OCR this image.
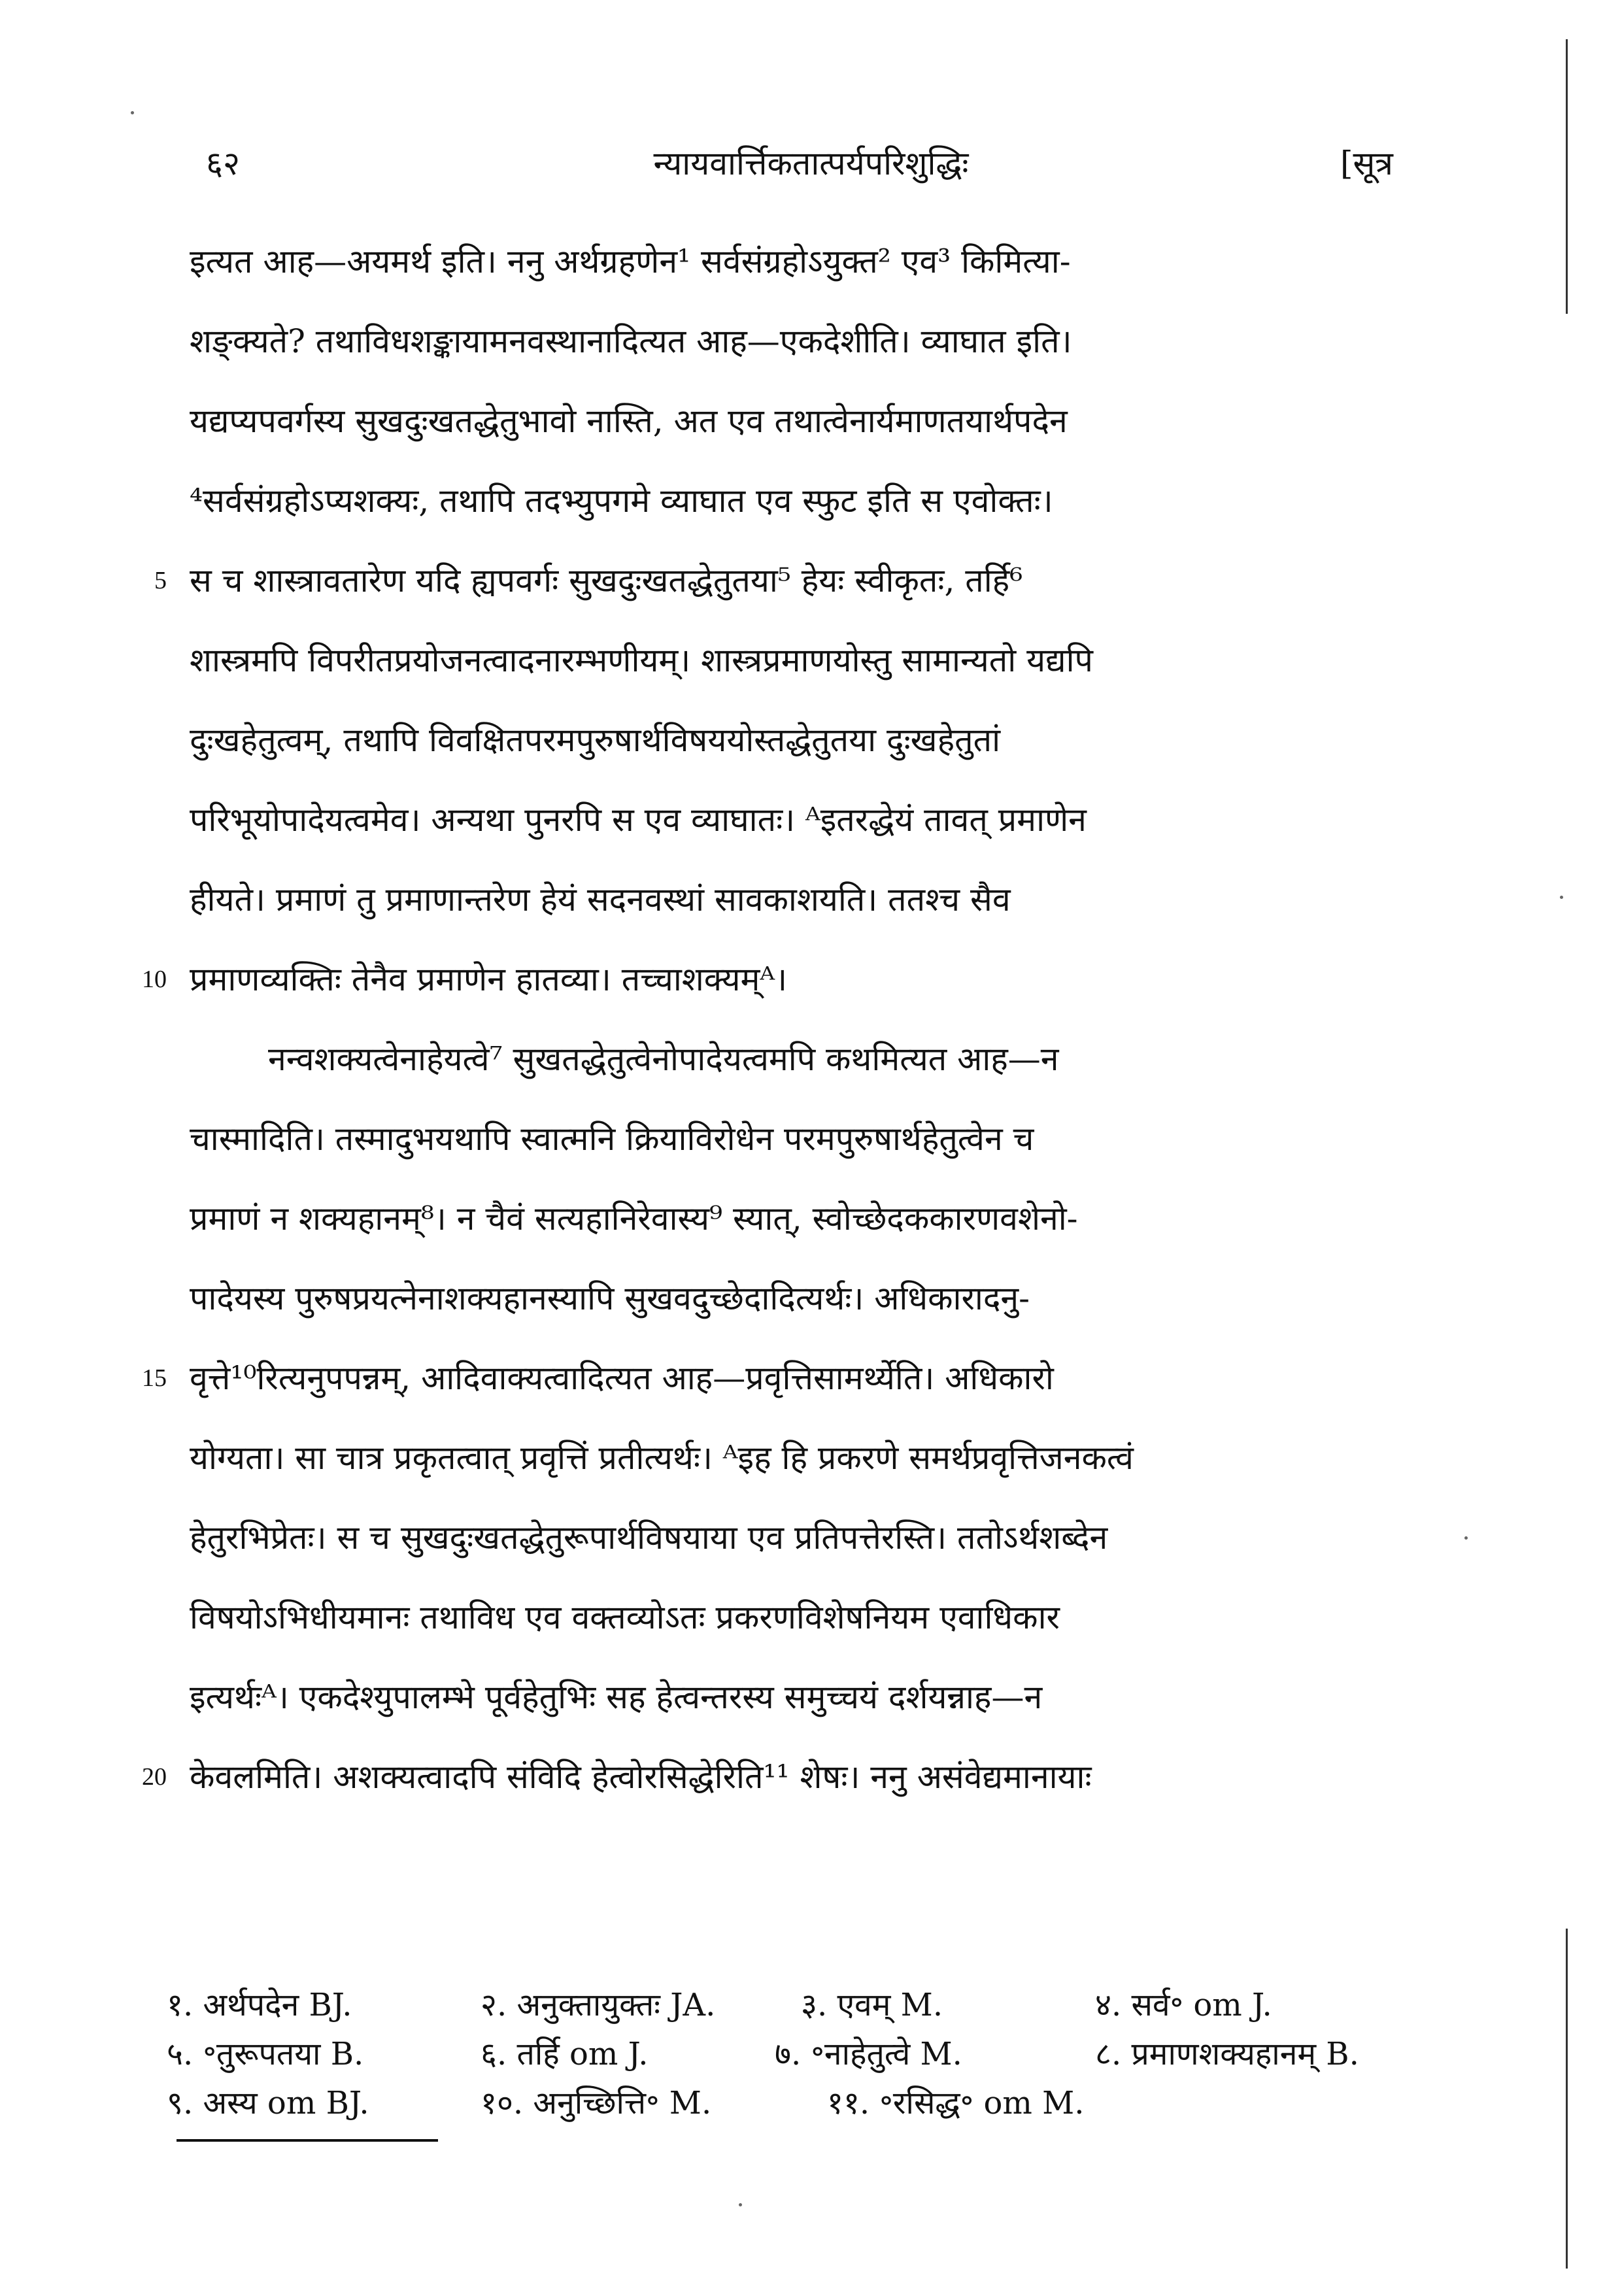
न्यायवार्त्तिकतात्पर्यपरिशुद्धिः
६२	[सूत्र
इत्यत आह—अयमर्थ इति। ननु अर्थग्रहणेन¹ सर्वसंग्रहोऽयुक्त² एव³ किमित्या-
शङ्क्यते? तथाविधशङ्कायामनवस्थानादित्यत आह—एकदेशीति। व्याघात इति।
यद्यप्यपवर्गस्य सुखदुःखतद्धेतुभावो नास्ति, अत एव तथात्वेनार्यमाणतयार्थपदेन
⁴सर्वसंग्रहोऽप्यशक्यः, तथापि तदभ्युपगमे व्याघात एव स्फुट इति स एवोक्तः।
स च शास्त्रावतारेण यदि ह्यपवर्गः सुखदुःखतद्धेतुतया⁵ हेयः स्वीकृतः, तर्हि⁶
शास्त्रमपि विपरीतप्रयोजनत्वादनारम्भणीयम्। शास्त्रप्रमाणयोस्तु सामान्यतो यद्यपि
दुःखहेतुत्वम्, तथापि विवक्षितपरमपुरुषार्थविषययोस्तद्धेतुतया दुःखहेतुतां
परिभूयोपादेयत्वमेव। अन्यथा पुनरपि स एव व्याघातः। ᴬइतरद्धेयं तावत् प्रमाणेन
हीयते। प्रमाणं तु प्रमाणान्तरेण हेयं सदनवस्थां सावकाशयति। ततश्च सैव
प्रमाणव्यक्तिः तेनैव प्रमाणेन हातव्या। तच्चाशक्यम्ᴬ।
नन्वशक्यत्वेनाहेयत्वे⁷ सुखतद्धेतुत्वेनोपादेयत्वमपि कथमित्यत आह—न
चास्मादिति। तस्मादुभयथापि स्वात्मनि क्रियाविरोधेन परमपुरुषार्थहेतुत्वेन च
प्रमाणं न शक्यहानम्⁸। न चैवं सत्यहानिरेवास्य⁹ स्यात्, स्वोच्छेदककारणवशेनो-
पादेयस्य पुरुषप्रयत्नेनाशक्यहानस्यापि सुखवदुच्छेदादित्यर्थः। अधिकारादनु-
वृत्ते¹⁰रित्यनुपपन्नम्, आदिवाक्यत्वादित्यत आह—प्रवृत्तिसामर्थ्येति। अधिकारो
योग्यता। सा चात्र प्रकृतत्वात् प्रवृत्तिं प्रतीत्यर्थः। ᴬइह हि प्रकरणे समर्थप्रवृत्तिजनकत्वं
हेतुरभिप्रेतः। स च सुखदुःखतद्धेतुरूपार्थविषयाया एव प्रतिपत्तेरस्ति। ततोऽर्थशब्देन
विषयोऽभिधीयमानः तथाविध एव वक्तव्योऽतः प्रकरणविशेषनियम एवाधिकार
इत्यर्थःᴬ। एकदेश्युपालम्भे पूर्वहेतुभिः सह हेत्वन्तरस्य समुच्चयं दर्शयन्नाह—न
केवलमिति। अशक्यत्वादपि संविदि हेत्वोरसिद्धेरिति¹¹ शेषः। ननु असंवेद्यमानायाः
5
10
15
20
१. अर्थपदेन BJ.	२. अनुक्तायुक्तः JA.	३. एवम् M.	४. सर्व॰ om J.
५. ॰तुरूपतया B.	६. तर्हि om J.	७. ॰नाहेतुत्वे M.	८. प्रमाणशक्यहानम् B.
९. अस्य om BJ.	१०. अनुच्छित्ति॰ M.	११. ॰रसिद्ध॰ om M.
